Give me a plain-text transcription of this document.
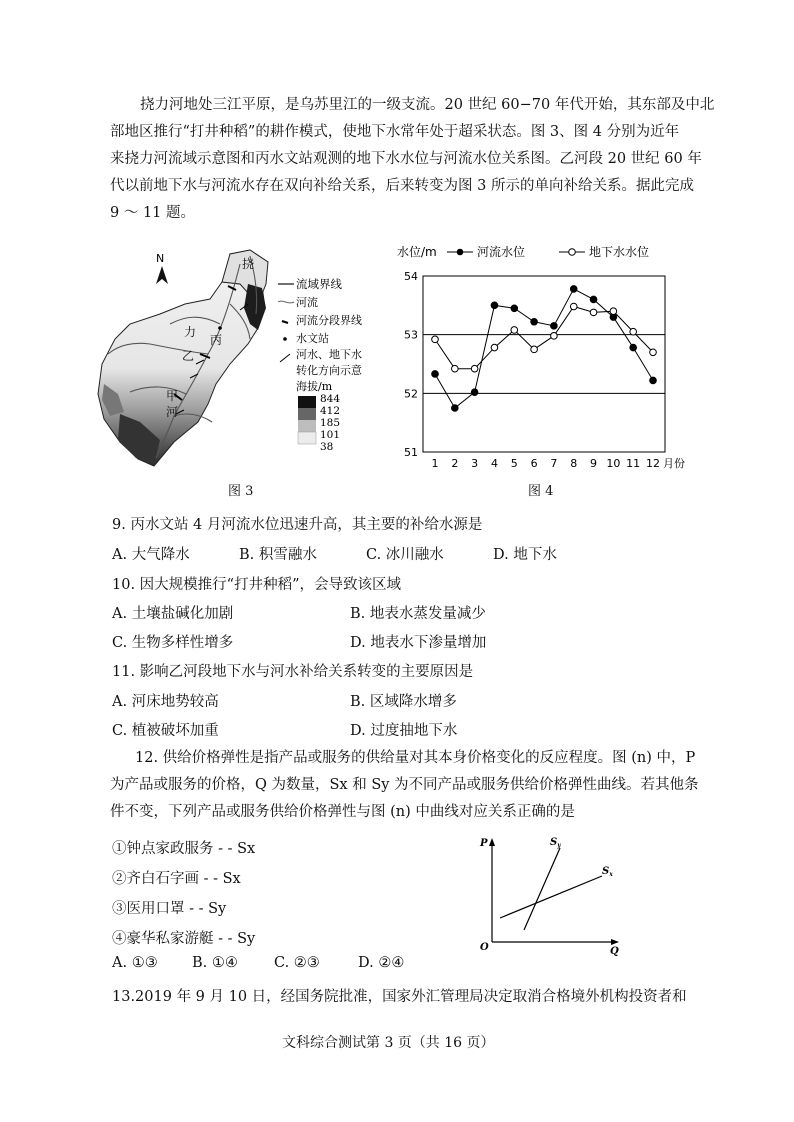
挠力河地处三江平原，是乌苏里江的一级支流。20 世纪 60−70 年代开始，其东部及中北
部地区推行“打井种稻”的耕作模式，使地下水常年处于超采状态。图 3、图 4 分别为近年
来挠力河流域示意图和丙水文站观测的地下水水位与河流水位关系图。乙河段 20 世纪 60 年
代以前地下水与河流水存在双向补给关系，后来转变为图 3 所示的单向补给关系。据此完成
9 ～ 11 题。
N	挠
力
丙
乙
甲
河
流域界线
河流
河流分段界线
水文站
河水、地下水
转化方向示意
海拔/m
844
412
185
101
38
图 3
54
53
52
51
1 2 3 4 5 6 7 8 9 10 11 12 月份
水位/m	河流水位	地下水水位
图 4
9. 丙水文站 4 月河流水位迅速升高，其主要的补给水源是
A. 大气降水	B. 积雪融水	C. 冰川融水	D. 地下水
10. 因大规模推行“打井种稻”，会导致该区域
A. 土壤盐碱化加剧	B. 地表水蒸发量减少
C. 生物多样性增多	D. 地表水下渗量增加
11. 影响乙河段地下水与河水补给关系转变的主要原因是
A. 河床地势较高	B. 区域降水增多
C. 植被破坏加重	D. 过度抽地下水
12. 供给价格弹性是指产品或服务的供给量对其本身价格变化的反应程度。图 (n) 中，P
为产品或服务的价格，Q 为数量，Sx 和 Sy 为不同产品或服务供给价格弹性曲线。若其他条
件不变，下列产品或服务供给价格弹性与图 (n) 中曲线对应关系正确的是
①钟点家政服务 - - Sx
②齐白石字画 - - Sx
③医用口罩 - - Sy
④豪华私家游艇 - - Sy
A. ①③ B. ①④ C. ②③	D. ②④
P
Q
O
$S_y$
$S_x$
13.2019 年 9 月 10 日，经国务院批准，国家外汇管理局决定取消合格境外机构投资者和
文科综合测试第 3 页（共 16 页）
